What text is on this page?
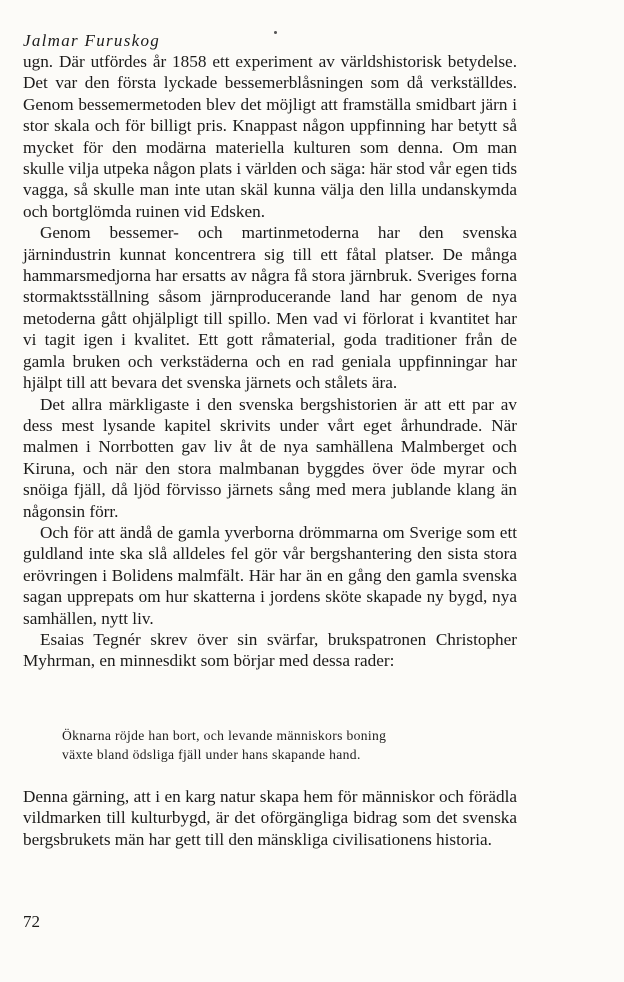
Jalmar Furuskog

ugn. Där utfördes år 1858 ett experiment av världshistorisk betydelse. Det var den första lyckade bessemerblåsningen som då verkställdes. Genom bessemermetoden blev det möjligt att framställa smidbart järn i stor skala och för billigt pris. Knappast någon uppfinning har betytt så mycket för den modärna materiella kulturen som denna. Om man skulle vilja utpeka någon plats i världen och säga: här stod vår egen tids vagga, så skulle man inte utan skäl kunna välja den lilla undanskymda och bortglömda ruinen vid Edsken.

Genom bessemer- och martinmetoderna har den svenska järnindustrin kunnat koncentrera sig till ett fåtal platser. De många hammarsmedjorna har ersatts av några få stora järnbruk. Sveriges forna stormaktsställning såsom järnproducerande land har genom de nya metoderna gått ohjälpligt till spillo. Men vad vi förlorat i kvantitet har vi tagit igen i kvalitet. Ett gott råmaterial, goda traditioner från de gamla bruken och verkstäderna och en rad geniala uppfinningar har hjälpt till att bevara det svenska järnets och stålets ära.

Det allra märkligaste i den svenska bergshistorien är att ett par av dess mest lysande kapitel skrivits under vårt eget århundrade. När malmen i Norrbotten gav liv åt de nya samhällena Malmberget och Kiruna, och när den stora malmbanan byggdes över öde myrar och snöiga fjäll, då ljöd förvisso järnets sång med mera jublande klang än någonsin förr.

Och för att ändå de gamla yverborna drömmarna om Sverige som ett guldland inte ska slå alldeles fel gör vår bergshantering den sista stora erövringen i Bolidens malmfält. Här har än en gång den gamla svenska sagan upprepats om hur skatterna i jordens sköte skapade ny bygd, nya samhällen, nytt liv.

Esaias Tegnér skrev över sin svärfar, brukspatronen Christopher Myhrman, en minnesdikt som börjar med dessa rader:

Öknarna röjde han bort, och levande människors boning
växte bland ödsliga fjäll under hans skapande hand.

Denna gärning, att i en karg natur skapa hem för människor och förädla vildmarken till kulturbygd, är det oförgängliga bidrag som det svenska bergsbrukets män har gett till den mänskliga civilisationens historia.

72
